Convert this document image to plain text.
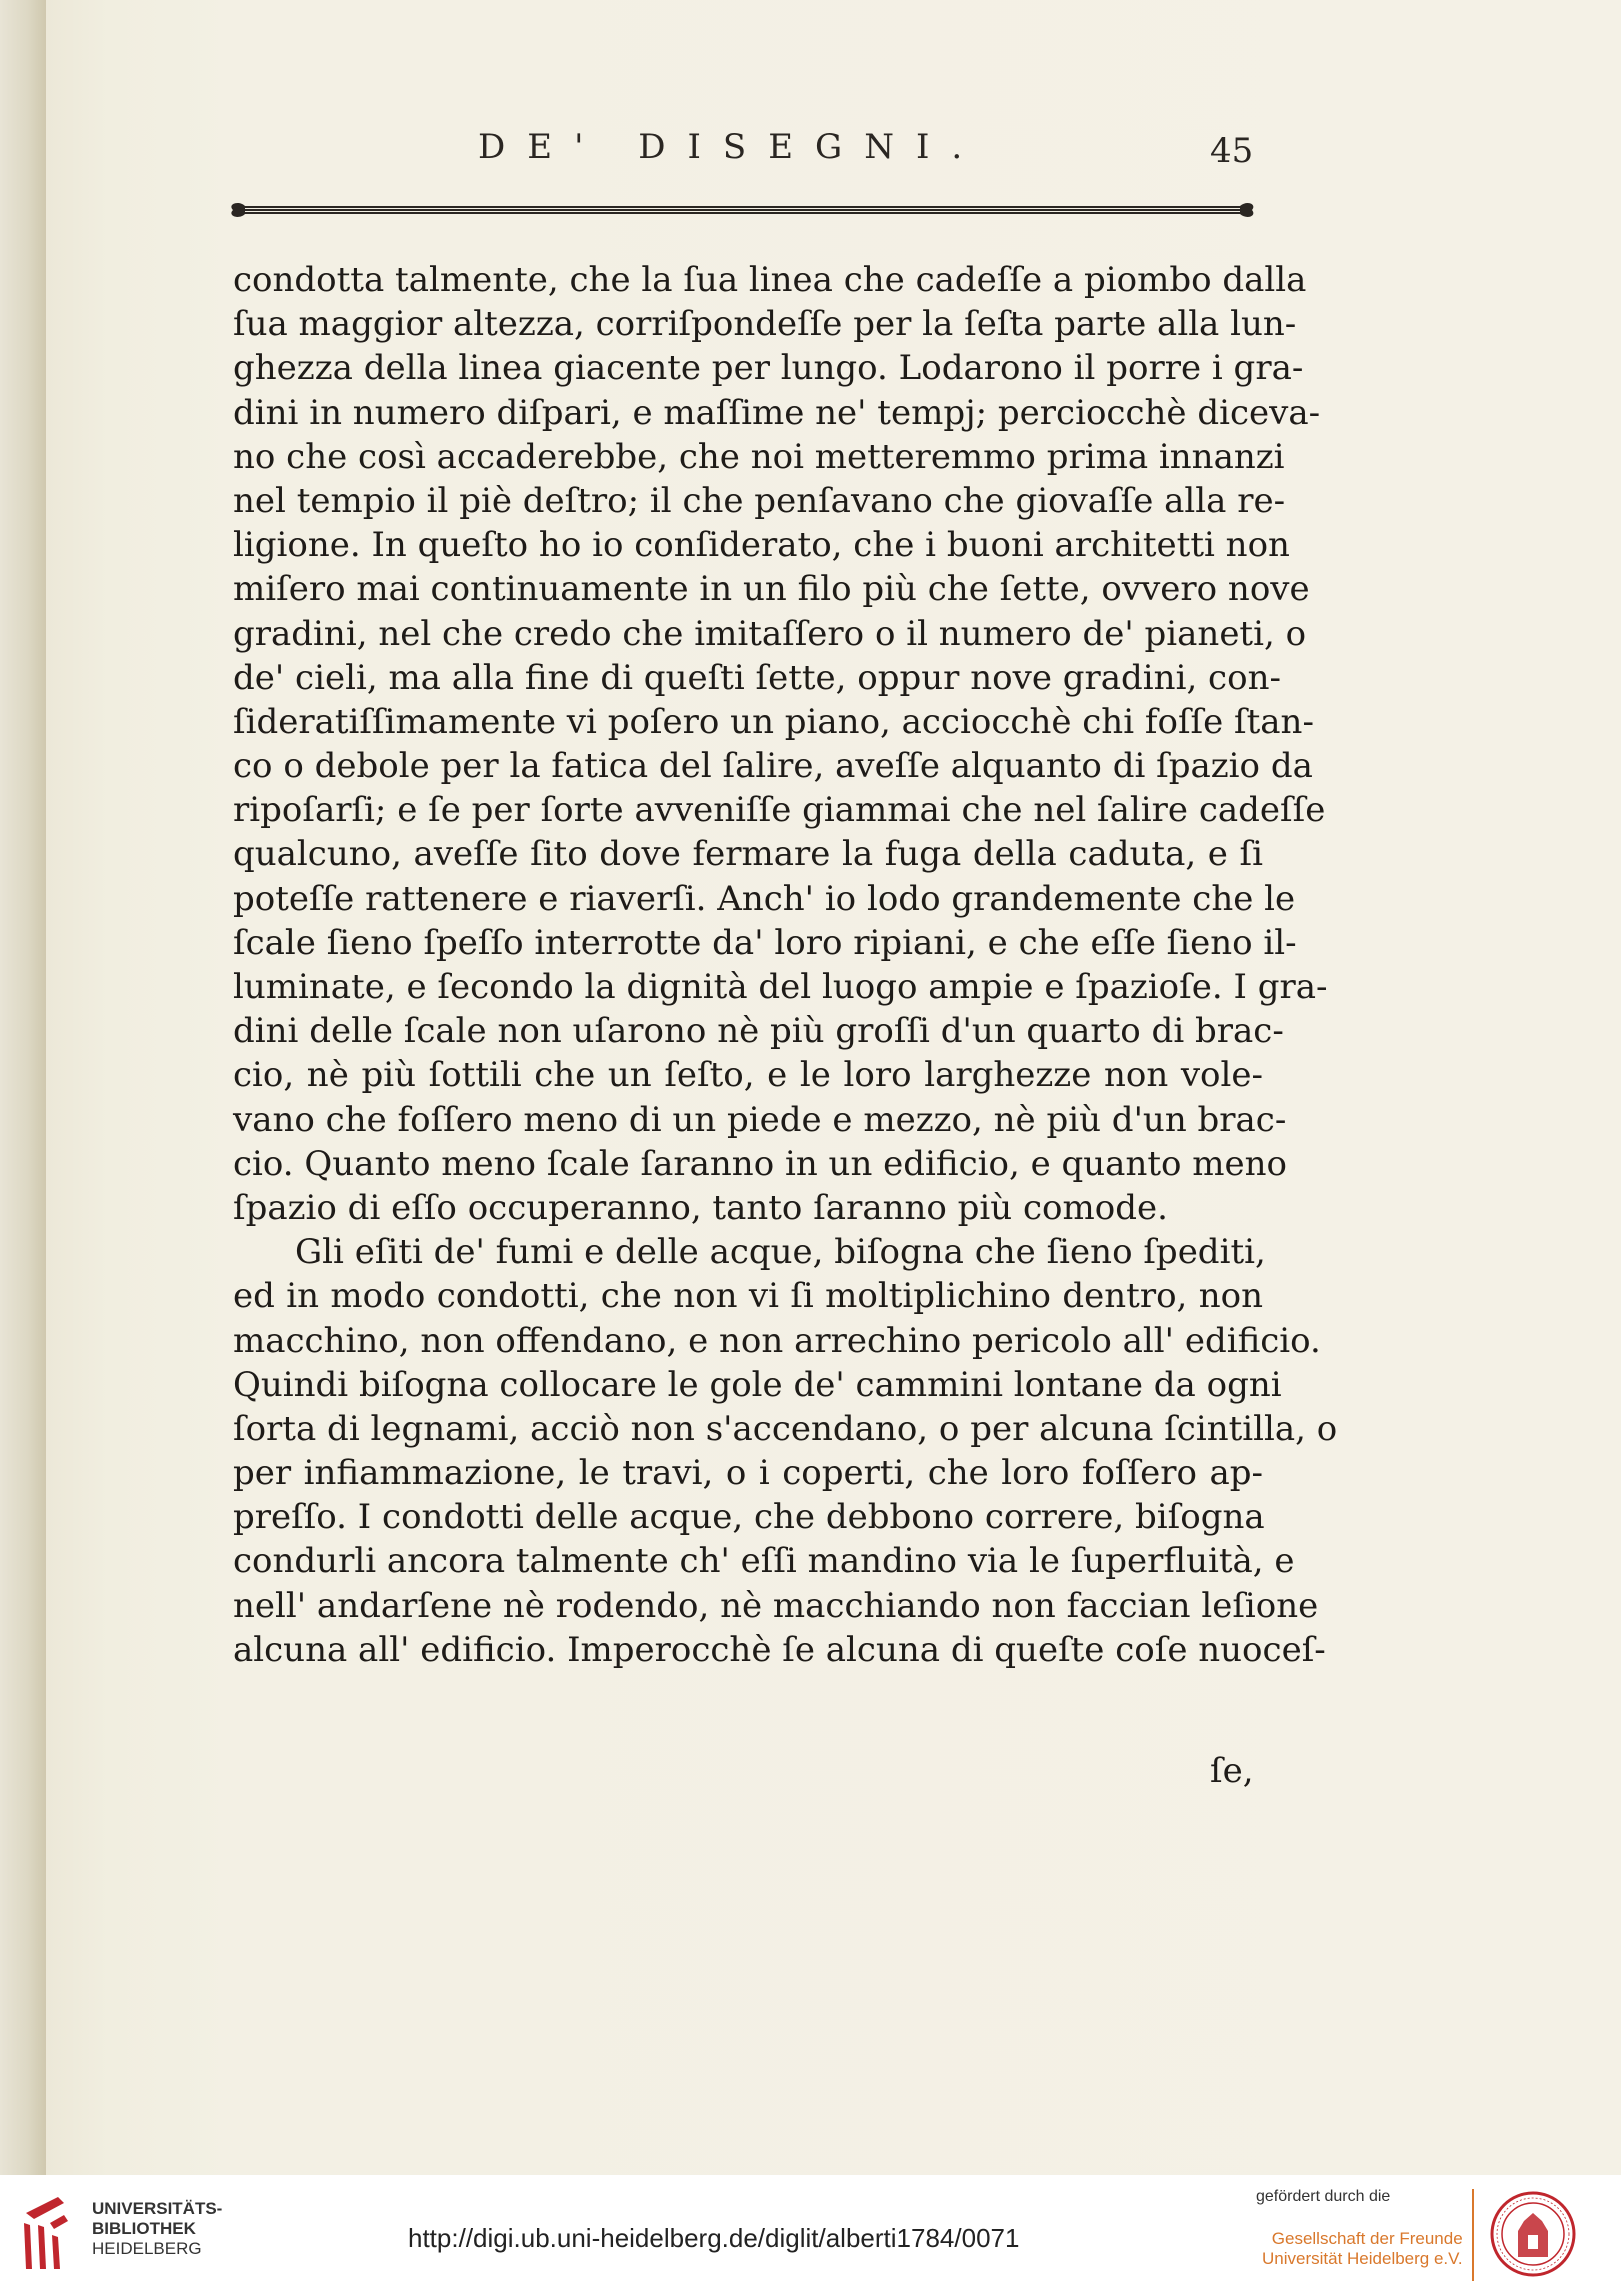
DE' DISEGNI.	45
condotta talmente, che la ſua linea che cadeſſe a piombo dalla
ſua maggior altezza, corriſpondeſſe per la ſeſta parte alla lun-
ghezza della linea giacente per lungo. Lodarono il porre i gra-
dini in numero diſpari, e maſſime ne' tempj; perciocchè diceva-
no che così accaderebbe, che noi metteremmo prima innanzi
nel tempio il piè deſtro; il che penſavano che giovaſſe alla re-
ligione. In queſto ho io conſiderato, che i buoni architetti non
miſero mai continuamente in un filo più che ſette, ovvero nove
gradini, nel che credo che imitaſſero o il numero de' pianeti, o
de' cieli, ma alla fine di queſti ſette, oppur nove gradini, con-
ſideratiſſimamente vi poſero un piano, acciocchè chi foſſe ſtan-
co o debole per la fatica del ſalire, aveſſe alquanto di ſpazio da
ripoſarſi; e ſe per ſorte avveniſſe giammai che nel ſalire cadeſſe
qualcuno, aveſſe ſito dove fermare la fuga della caduta, e ſi
poteſſe rattenere e riaverſi. Anch' io lodo grandemente che le
ſcale ſieno ſpeſſo interrotte da' loro ripiani, e che eſſe ſieno il-
luminate, e ſecondo la dignità del luogo ampie e ſpazioſe. I gra-
dini delle ſcale non uſarono nè più groſſi d'un quarto di brac-
cio, nè più ſottili che un ſeſto, e le loro larghezze non vole-
vano che foſſero meno di un piede e mezzo, nè più d'un brac-
cio. Quanto meno ſcale ſaranno in un edificio, e quanto meno
ſpazio di eſſo occuperanno, tanto ſaranno più comode.
Gli eſiti de' fumi e delle acque, biſogna che ſieno ſpediti,
ed in modo condotti, che non vi ſi moltiplichino dentro, non
macchino, non offendano, e non arrechino pericolo all' edificio.
Quindi biſogna collocare le gole de' cammini lontane da ogni
ſorta di legnami, acciò non s'accendano, o per alcuna ſcintilla, o
per infiammazione, le travi, o i coperti, che loro foſſero ap-
preſſo. I condotti delle acque, che debbono correre, biſogna
condurli ancora talmente ch' eſſi mandino via le ſuperfluità, e
nell' andarſene nè rodendo, nè macchiando non faccian leſione
alcuna all' edificio. Imperocchè ſe alcuna di queſte coſe nuoceſ-
ſe,
UNIVERSITÄTS-
BIBLIOTHEK
HEIDELBERG	http://digi.ub.uni-heidelberg.de/diglit/alberti1784/0071
gefördert durch die
Gesellschaft der Freunde
Universität Heidelberg e.V.
